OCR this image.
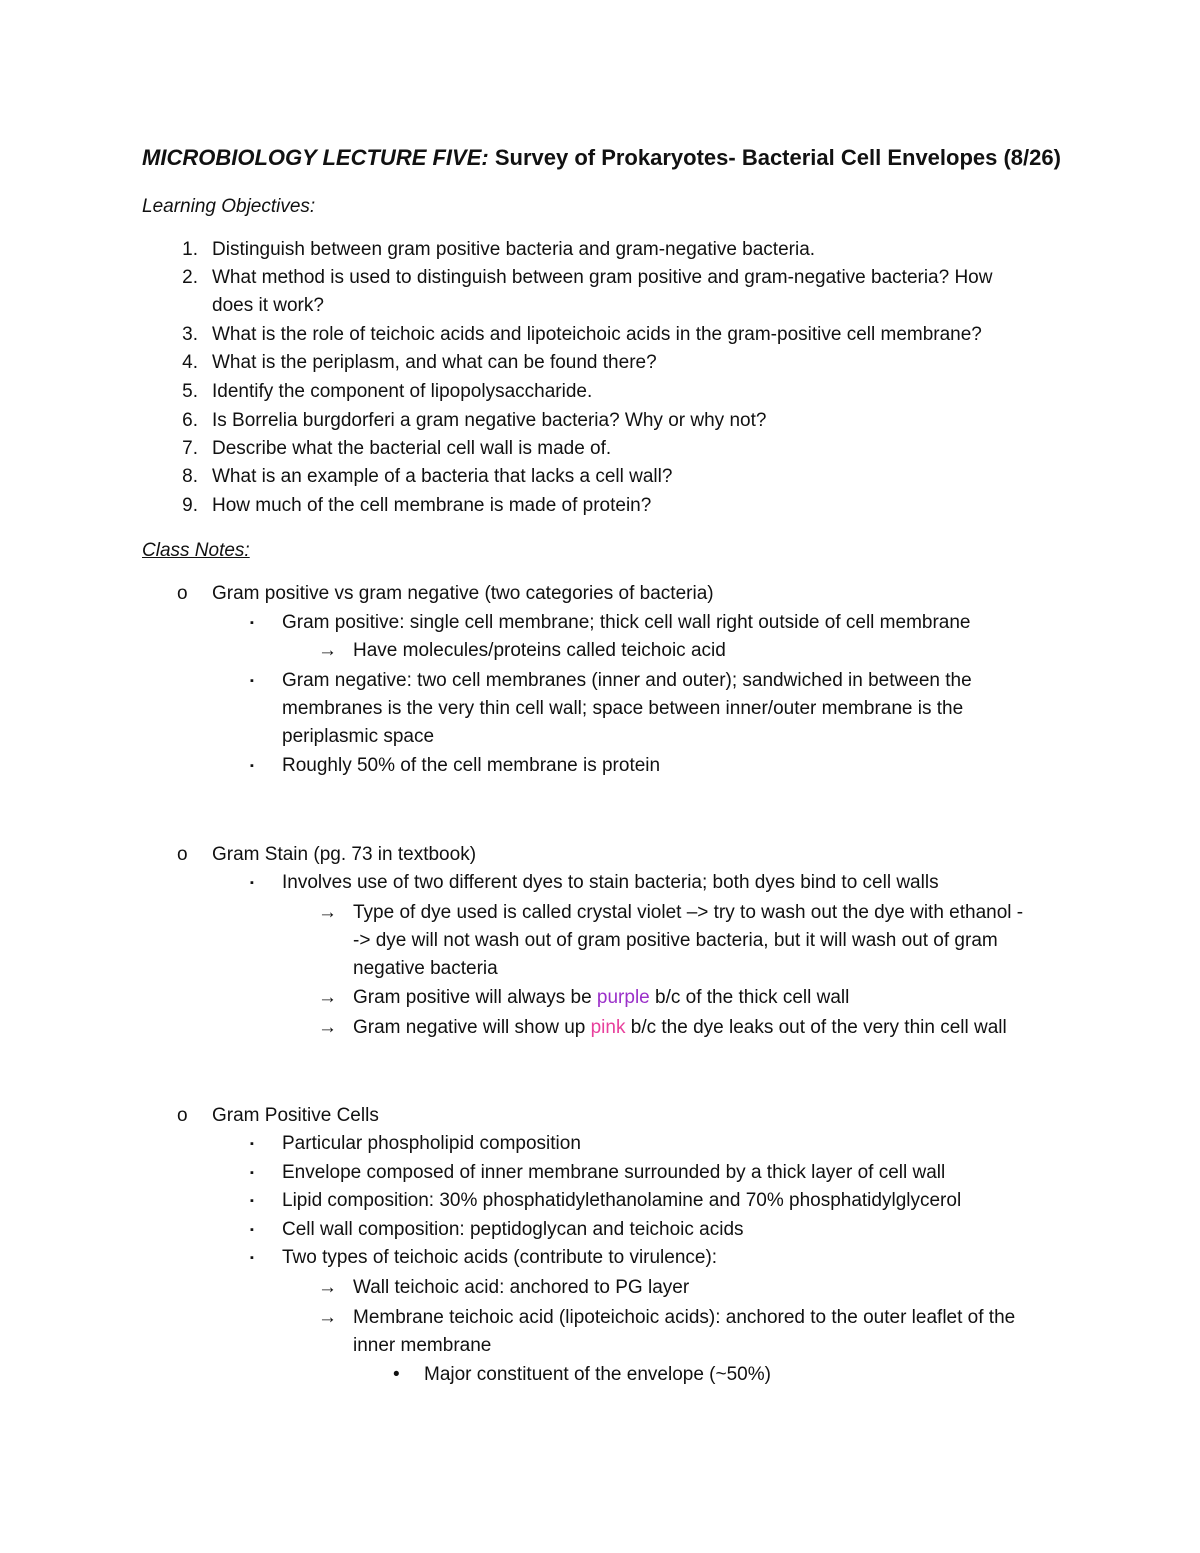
MICROBIOLOGY LECTURE FIVE: Survey of Prokaryotes- Bacterial Cell Envelopes (8/26)
Learning Objectives:
1. Distinguish between gram positive bacteria and gram-negative bacteria.
2. What method is used to distinguish between gram positive and gram-negative bacteria? How
does it work?
3. What is the role of teichoic acids and lipoteichoic acids in the gram-positive cell membrane?
4. What is the periplasm, and what can be found there?
5. Identify the component of lipopolysaccharide.
6. Is Borrelia burgdorferi a gram negative bacteria? Why or why not?
7. Describe what the bacterial cell wall is made of.
8. What is an example of a bacteria that lacks a cell wall?
9. How much of the cell membrane is made of protein?
Class Notes:
o Gram positive vs gram negative (two categories of bacteria)
▪ Gram positive: single cell membrane; thick cell wall right outside of cell membrane
→ Have molecules/proteins called teichoic acid
▪ Gram negative: two cell membranes (inner and outer); sandwiched in between the
membranes is the very thin cell wall; space between inner/outer membrane is the
periplasmic space
▪ Roughly 50% of the cell membrane is protein
o Gram Stain (pg. 73 in textbook)
▪ Involves use of two different dyes to stain bacteria; both dyes bind to cell walls
→ Type of dye used is called crystal violet –> try to wash out the dye with ethanol -
-> dye will not wash out of gram positive bacteria, but it will wash out of gram
negative bacteria
→ Gram positive will always be purple b/c of the thick cell wall
→ Gram negative will show up pink b/c the dye leaks out of the very thin cell wall
o Gram Positive Cells
▪ Particular phospholipid composition
▪ Envelope composed of inner membrane surrounded by a thick layer of cell wall
▪ Lipid composition: 30% phosphatidylethanolamine and 70% phosphatidylglycerol
▪ Cell wall composition: peptidoglycan and teichoic acids
▪ Two types of teichoic acids (contribute to virulence):
→ Wall teichoic acid: anchored to PG layer
→ Membrane teichoic acid (lipoteichoic acids): anchored to the outer leaflet of the
inner membrane
• Major constituent of the envelope (~50%)
